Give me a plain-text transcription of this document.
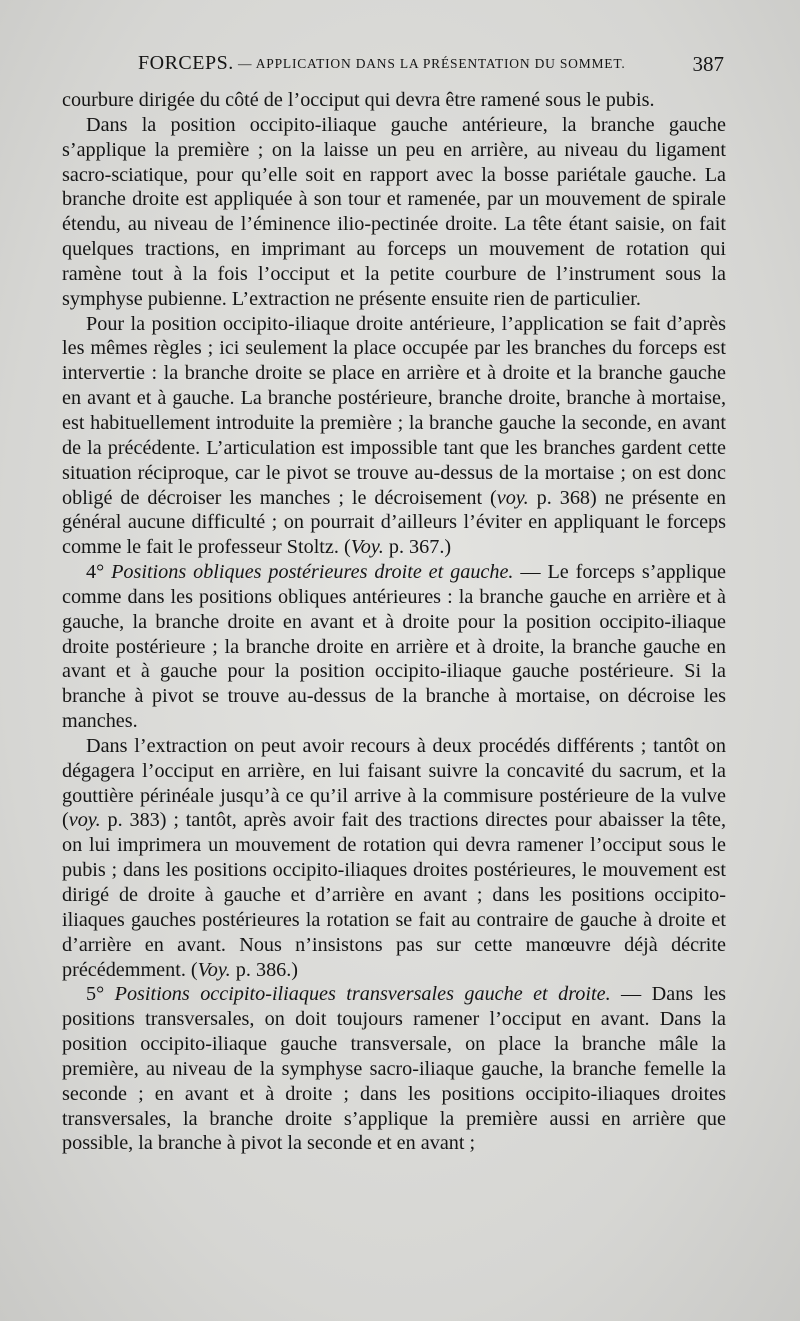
FORCEPS. — APPLICATION DANS LA PRÉSENTATION DU SOMMET.	387

courbure dirigée du côté de l’occiput qui devra être ramené sous le pubis.

Dans la position occipito-iliaque gauche antérieure, la branche gauche s’applique la première ; on la laisse un peu en arrière, au niveau du ligament sacro-sciatique, pour qu’elle soit en rapport avec la bosse pariétale gauche. La branche droite est appliquée à son tour et ramenée, par un mouvement de spirale étendu, au niveau de l’éminence ilio-pectinée droite. La tête étant saisie, on fait quelques tractions, en imprimant au forceps un mouvement de rotation qui ramène tout à la fois l’occiput et la petite courbure de l’instrument sous la symphyse pubienne. L’extraction ne présente ensuite rien de particulier.

Pour la position occipito-iliaque droite antérieure, l’application se fait d’après les mêmes règles ; ici seulement la place occupée par les branches du forceps est intervertie : la branche droite se place en arrière et à droite et la branche gauche en avant et à gauche. La branche postérieure, branche droite, branche à mortaise, est habituellement introduite la première ; la branche gauche la seconde, en avant de la précédente. L’articulation est impossible tant que les branches gardent cette situation réciproque, car le pivot se trouve au-dessus de la mortaise ; on est donc obligé de décroiser les manches ; le décroisement (voy. p. 368) ne présente en général aucune difficulté ; on pourrait d’ailleurs l’éviter en appliquant le forceps comme le fait le professeur Stoltz. (Voy. p. 367.)

4° Positions obliques postérieures droite et gauche. — Le forceps s’applique comme dans les positions obliques antérieures : la branche gauche en arrière et à gauche, la branche droite en avant et à droite pour la position occipito-iliaque droite postérieure ; la branche droite en arrière et à droite, la branche gauche en avant et à gauche pour la position occipito-iliaque gauche postérieure. Si la branche à pivot se trouve au-dessus de la branche à mortaise, on décroise les manches.

Dans l’extraction on peut avoir recours à deux procédés différents ; tantôt on dégagera l’occiput en arrière, en lui faisant suivre la concavité du sacrum, et la gouttière périnéale jusqu’à ce qu’il arrive à la commisure postérieure de la vulve (voy. p. 383) ; tantôt, après avoir fait des tractions directes pour abaisser la tête, on lui imprimera un mouvement de rotation qui devra ramener l’occiput sous le pubis ; dans les positions occipito-iliaques droites postérieures, le mouvement est dirigé de droite à gauche et d’arrière en avant ; dans les positions occipito-iliaques gauches postérieures la rotation se fait au contraire de gauche à droite et d’arrière en avant. Nous n’insistons pas sur cette manœuvre déjà décrite précédemment. (Voy. p. 386.)

5° Positions occipito-iliaques transversales gauche et droite. — Dans les positions transversales, on doit toujours ramener l’occiput en avant. Dans la position occipito-iliaque gauche transversale, on place la branche mâle la première, au niveau de la symphyse sacro-iliaque gauche, la branche femelle la seconde ; en avant et à droite ; dans les positions occipito-iliaques droites transversales, la branche droite s’applique la première aussi en arrière que possible, la branche à pivot la seconde et en avant ;
